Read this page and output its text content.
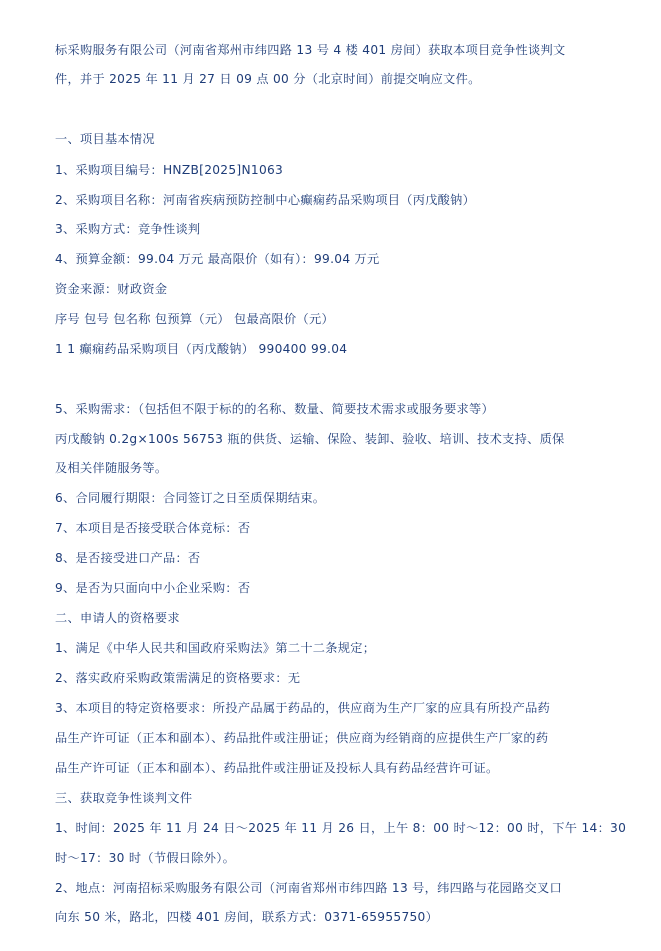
标采购服务有限公司（河南省郑州市纬四路 13 号 4 楼 401 房间）获取本项目竞争性谈判文
件，并于 2025 年 11 月 27 日 09 点 00 分（北京时间）前提交响应文件。
一、项目基本情况
1、采购项目编号：HNZB[2025]N1063
2、采购项目名称：河南省疾病预防控制中心癫痫药品采购项目（丙戊酸钠）
3、采购方式：竞争性谈判
4、预算金额：99.04 万元 最高限价（如有）：99.04 万元
资金来源：财政资金
序号 包号 包名称 包预算（元） 包最高限价（元）
1 1 癫痫药品采购项目（丙戊酸钠） 990400 99.04
5、采购需求：（包括但不限于标的的名称、数量、简要技术需求或服务要求等）
丙戊酸钠 0.2g×100s 56753 瓶的供货、运输、保险、装卸、验收、培训、技术支持、质保
及相关伴随服务等。
6、合同履行期限：合同签订之日至质保期结束。
7、本项目是否接受联合体竞标：否
8、是否接受进口产品：否
9、是否为只面向中小企业采购：否
二、申请人的资格要求
1、满足《中华人民共和国政府采购法》第二十二条规定；
2、落实政府采购政策需满足的资格要求：无
3、本项目的特定资格要求：所投产品属于药品的，供应商为生产厂家的应具有所投产品药
品生产许可证（正本和副本）、药品批件或注册证；供应商为经销商的应提供生产厂家的药
品生产许可证（正本和副本）、药品批件或注册证及投标人具有药品经营许可证。
三、获取竞争性谈判文件
1、时间：2025 年 11 月 24 日～2025 年 11 月 26 日，上午 8：00 时～12：00 时，下午 14：30
时～17：30 时（节假日除外）。
2、地点：河南招标采购服务有限公司（河南省郑州市纬四路 13 号，纬四路与花园路交叉口
向东 50 米，路北，四楼 401 房间，联系方式：0371-65955750）
